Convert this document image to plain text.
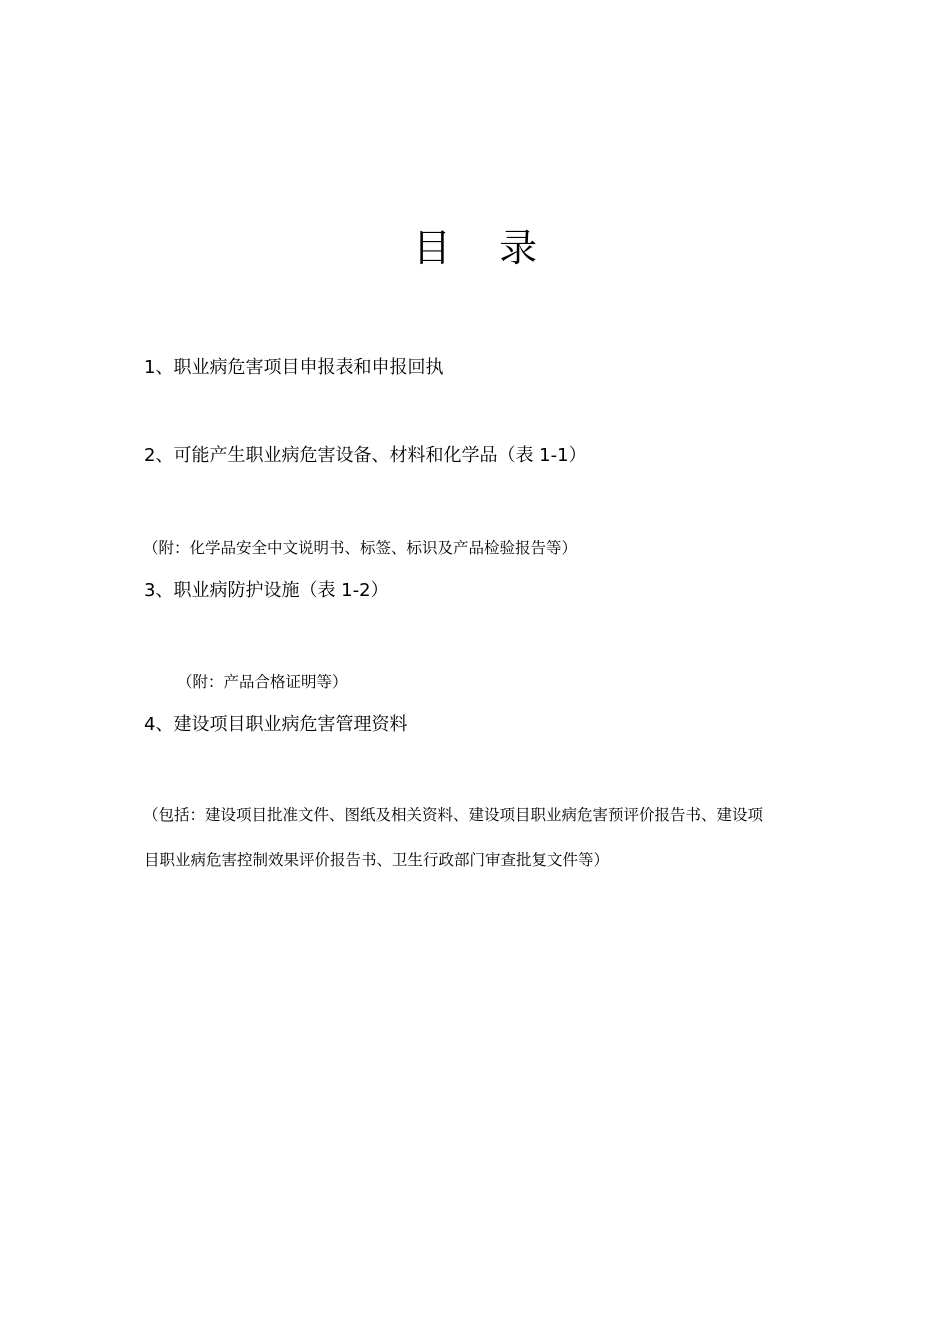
目    录
1、职业病危害项目申报表和申报回执
2、可能产生职业病危害设备、材料和化学品（表 1-1）
（附：化学品安全中文说明书、标签、标识及产品检验报告等）
3、职业病防护设施（表 1-2）
（附：产品合格证明等）
4、建设项目职业病危害管理资料
（包括：建设项目批准文件、图纸及相关资料、建设项目职业病危害预评价报告书、建设项
目职业病危害控制效果评价报告书、卫生行政部门审查批复文件等）
